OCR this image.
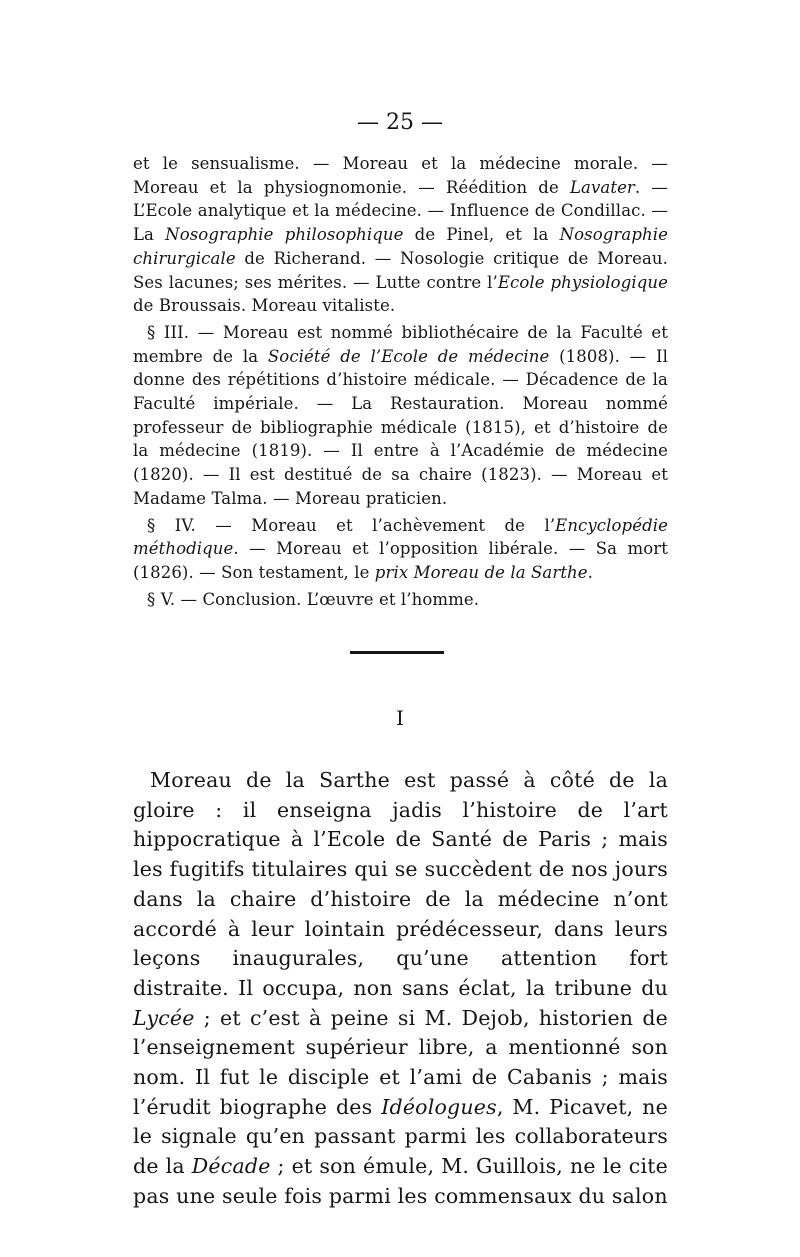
— 25 —

et le sensualisme. — Moreau et la médecine morale. — Moreau et la physiognomonie. — Réédition de Lavater. — L’Ecole analytique et la médecine. — Influence de Condillac. — La Nosographie philosophique de Pinel, et la Nosographie chirurgicale de Richerand. — Nosologie critique de Moreau. Ses lacunes; ses mérites. — Lutte contre l’Ecole physiologique de Broussais. Moreau vitaliste.

§ III. — Moreau est nommé bibliothécaire de la Faculté et membre de la Société de l’Ecole de médecine (1808). — Il donne des répétitions d’histoire médicale. — Décadence de la Faculté impériale. — La Restauration. Moreau nommé professeur de bibliographie médicale (1815), et d’histoire de la médecine (1819). — Il entre à l’Académie de médecine (1820). — Il est destitué de sa chaire (1823). — Moreau et Madame Talma. — Moreau praticien.

§ IV. — Moreau et l’achèvement de l’Encyclopédie méthodique. — Moreau et l’opposition libérale. — Sa mort (1826). — Son testament, le prix Moreau de la Sarthe.

§ V. — Conclusion. L’œuvre et l’homme.

I

Moreau de la Sarthe est passé à côté de la gloire : il enseigna jadis l’histoire de l’art hippocratique à l’Ecole de Santé de Paris ; mais les fugitifs titulaires qui se succèdent de nos jours dans la chaire d’histoire de la médecine n’ont accordé à leur lointain prédécesseur, dans leurs leçons inaugurales, qu’une attention fort distraite. Il occupa, non sans éclat, la tribune du Lycée ; et c’est à peine si M. Dejob, historien de l’enseignement supérieur libre, a mentionné son nom. Il fut le disciple et l’ami de Cabanis ; mais l’érudit biographe des Idéologues, M. Picavet, ne le signale qu’en passant parmi les collaborateurs de la Décade ; et son émule, M. Guillois, ne le cite pas une seule fois parmi les commensaux du salon
